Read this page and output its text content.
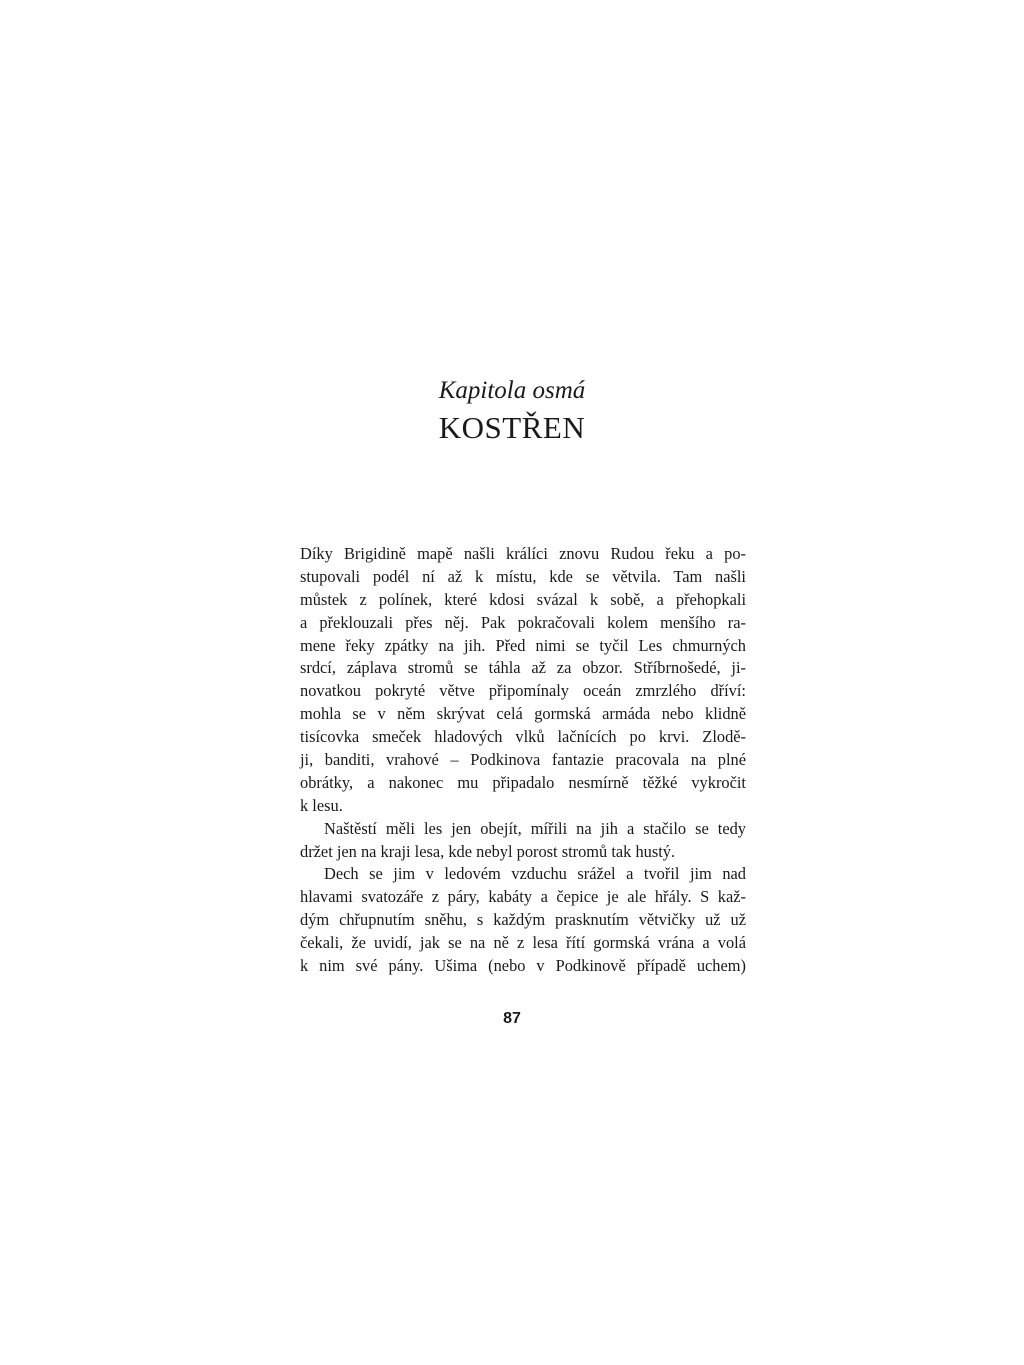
Kapitola osmá
KOSTŘEN
Díky Brigidině mapě našli králíci znovu Rudou řeku a po-
stupovali podél ní až k místu, kde se větvila. Tam našli
můstek z polínek, které kdosi svázal k sobě, a přehopkali
a překlouzali přes něj. Pak pokračovali kolem menšího ra-
mene řeky zpátky na jih. Před nimi se tyčil Les chmurných
srdcí, záplava stromů se táhla až za obzor. Stříbrnošedé, ji-
novatkou pokryté větve připomínaly oceán zmrzlého dříví:
mohla se v něm skrývat celá gormská armáda nebo klidně
tisícovka smeček hladových vlků lačnících po krvi. Zlodě-
ji, banditi, vrahové – Podkinova fantazie pracovala na plné
obrátky, a nakonec mu připadalo nesmírně těžké vykročit
k lesu.
Naštěstí měli les jen obejít, mířili na jih a stačilo se tedy
držet jen na kraji lesa, kde nebyl porost stromů tak hustý.
Dech se jim v ledovém vzduchu srážel a tvořil jim nad
hlavami svatozáře z páry, kabáty a čepice je ale hřály. S kaž-
dým chřupnutím sněhu, s každým prasknutím větvičky už už
čekali, že uvidí, jak se na ně z lesa řítí gormská vrána a volá
k nim své pány. Ušima (nebo v Podkinově případě uchem)
87
